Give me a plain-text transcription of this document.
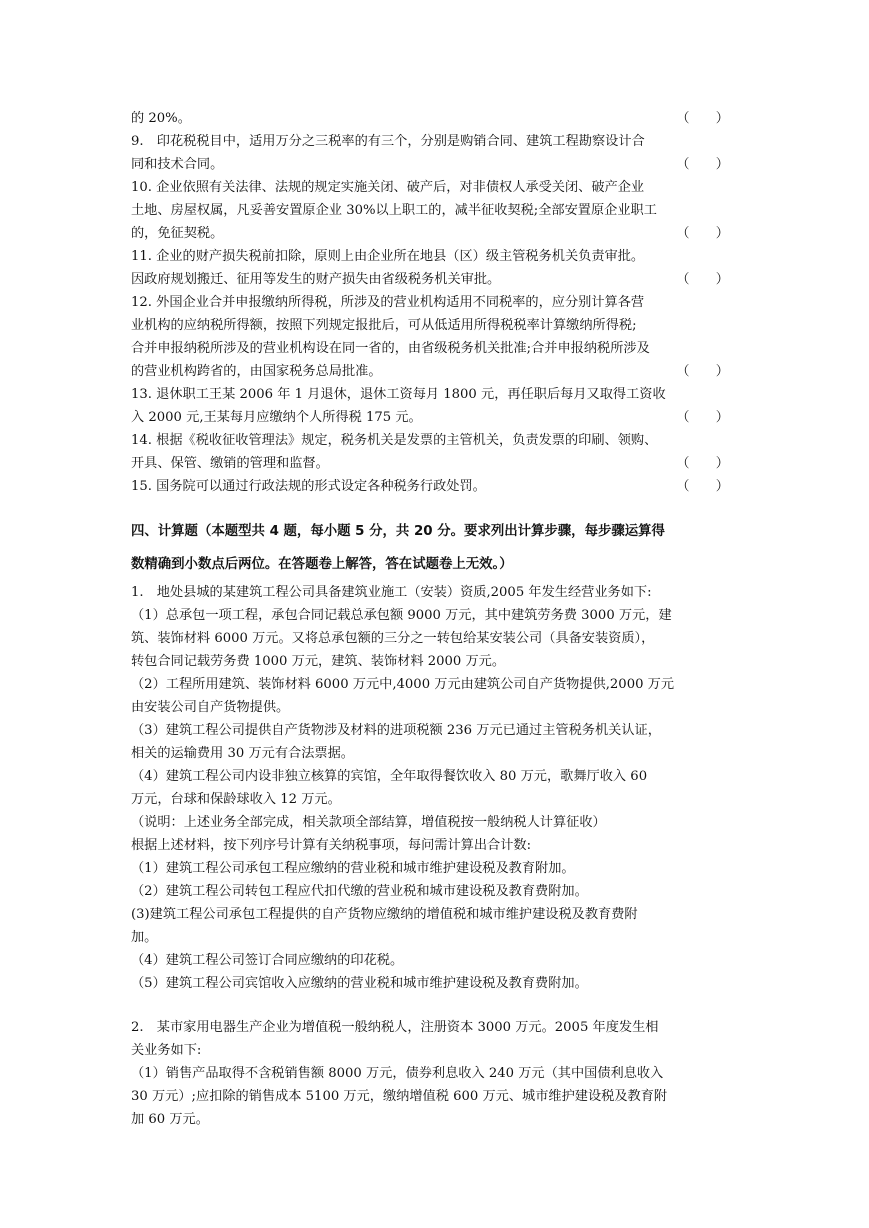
的 20%。	（　　）
9.　印花税税目中，适用万分之三税率的有三个，分别是购销合同、建筑工程勘察设计合
同和技术合同。	（　　）
10. 企业依照有关法律、法规的规定实施关闭、破产后，对非债权人承受关闭、破产企业
土地、房屋权属，凡妥善安置原企业 30%以上职工的，减半征收契税;全部安置原企业职工
的，免征契税。	（　　）
11. 企业的财产损失税前扣除，原则上由企业所在地县（区）级主管税务机关负责审批。
因政府规划搬迁、征用等发生的财产损失由省级税务机关审批。	（　　）
12. 外国企业合并申报缴纳所得税，所涉及的营业机构适用不同税率的，应分别计算各营
业机构的应纳税所得额，按照下列规定报批后，可从低适用所得税税率计算缴纳所得税;
合并申报纳税所涉及的营业机构设在同一省的，由省级税务机关批准;合并申报纳税所涉及
的营业机构跨省的，由国家税务总局批准。	（　　）
13. 退休职工王某 2006 年 1 月退休，退休工资每月 1800 元，再任职后每月又取得工资收
入 2000 元,王某每月应缴纳个人所得税 175 元。	（　　）
14. 根据《税收征收管理法》规定，税务机关是发票的主管机关，负责发票的印刷、领购、
开具、保管、缴销的管理和监督。	（　　）
15. 国务院可以通过行政法规的形式设定各种税务行政处罚。	（　　）
四、计算题（本题型共 4 题，每小题 5 分，共 20 分。要求列出计算步骤，每步骤运算得
数精确到小数点后两位。在答题卷上解答，答在试题卷上无效。）
1.　地处县城的某建筑工程公司具备建筑业施工（安装）资质,2005 年发生经营业务如下:
（1）总承包一项工程，承包合同记载总承包额 9000 万元，其中建筑劳务费 3000 万元，建
筑、装饰材料 6000 万元。又将总承包额的三分之一转包给某安装公司（具备安装资质），
转包合同记载劳务费 1000 万元，建筑、装饰材料 2000 万元。
（2）工程所用建筑、装饰材料 6000 万元中,4000 万元由建筑公司自产货物提供,2000 万元
由安装公司自产货物提供。
（3）建筑工程公司提供自产货物涉及材料的进项税额 236 万元已通过主管税务机关认证，
相关的运输费用 30 万元有合法票据。
（4）建筑工程公司内设非独立核算的宾馆，全年取得餐饮收入 80 万元，歌舞厅收入 60
万元，台球和保龄球收入 12 万元。
（说明：上述业务全部完成，相关款项全部结算，增值税按一般纳税人计算征收）
根据上述材料，按下列序号计算有关纳税事项，每问需计算出合计数:
（1）建筑工程公司承包工程应缴纳的营业税和城市维护建设税及教育附加。
（2）建筑工程公司转包工程应代扣代缴的营业税和城市建设税及教育费附加。
(3)建筑工程公司承包工程提供的自产货物应缴纳的增值税和城市维护建设税及教育费附
加。
（4）建筑工程公司签订合同应缴纳的印花税。
（5）建筑工程公司宾馆收入应缴纳的营业税和城市维护建设税及教育费附加。
2.　某市家用电器生产企业为增值税一般纳税人，注册资本 3000 万元。2005 年度发生相
关业务如下:
（1）销售产品取得不含税销售额 8000 万元，债券利息收入 240 万元（其中国债利息收入
30 万元）;应扣除的销售成本 5100 万元，缴纳增值税 600 万元、城市维护建设税及教育附
加 60 万元。
